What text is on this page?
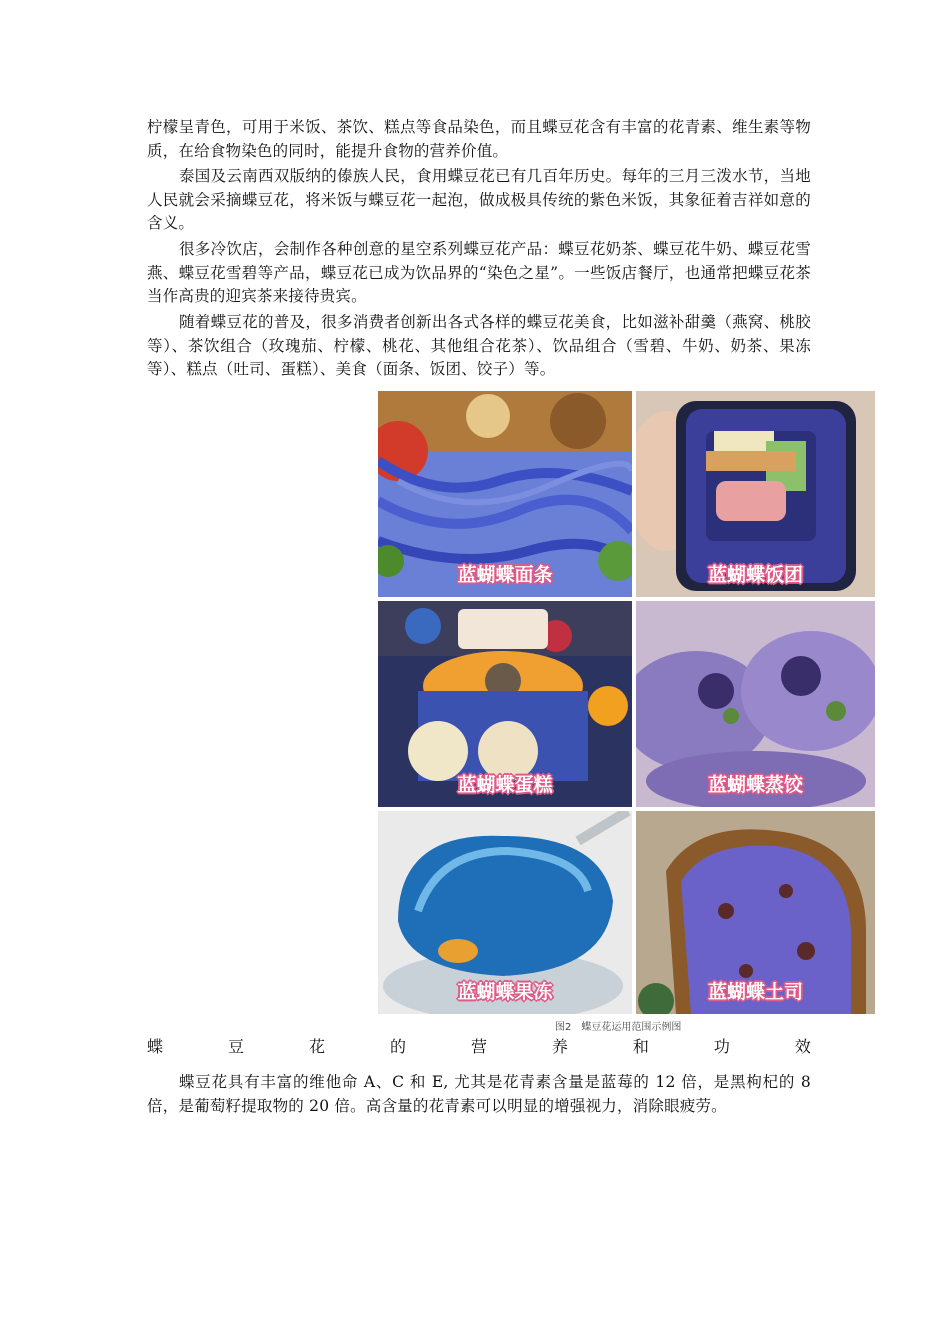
柠檬呈青色，可用于米饭、茶饮、糕点等食品染色，而且蝶豆花含有丰富的花青素、维生素等物质，在给食物染色的同时，能提升食物的营养价值。

泰国及云南西双版纳的傣族人民，食用蝶豆花已有几百年历史。每年的三月三泼水节，当地人民就会采摘蝶豆花，将米饭与蝶豆花一起泡，做成极具传统的紫色米饭，其象征着吉祥如意的含义。

很多冷饮店，会制作各种创意的星空系列蝶豆花产品：蝶豆花奶茶、蝶豆花牛奶、蝶豆花雪燕、蝶豆花雪碧等产品，蝶豆花已成为饮品界的“染色之星”。一些饭店餐厅，也通常把蝶豆花茶当作高贵的迎宾茶来接待贵宾。

随着蝶豆花的普及，很多消费者创新出各式各样的蝶豆花美食，比如滋补甜羹（燕窝、桃胶等）、茶饮组合（玫瑰茄、柠檬、桃花、其他组合花茶）、饮品组合（雪碧、牛奶、奶茶、果冻等）、糕点（吐司、蛋糕）、美食（面条、饭团、饺子）等。

蓝蝴蝶面条	蓝蝴蝶饭团
蓝蝴蝶蛋糕	蓝蝴蝶蒸饺
蓝蝴蝶果冻	蓝蝴蝶土司
图2　蝶豆花运用范围示例图
蝶	豆	花	的	营	养	和	功	效

蝶豆花具有丰富的维他命 A、C 和 E, 尤其是花青素含量是蓝莓的 12 倍，是黑枸杞的 8 倍，是葡萄籽提取物的 20 倍。高含量的花青素可以明显的增强视力，消除眼疲劳。
